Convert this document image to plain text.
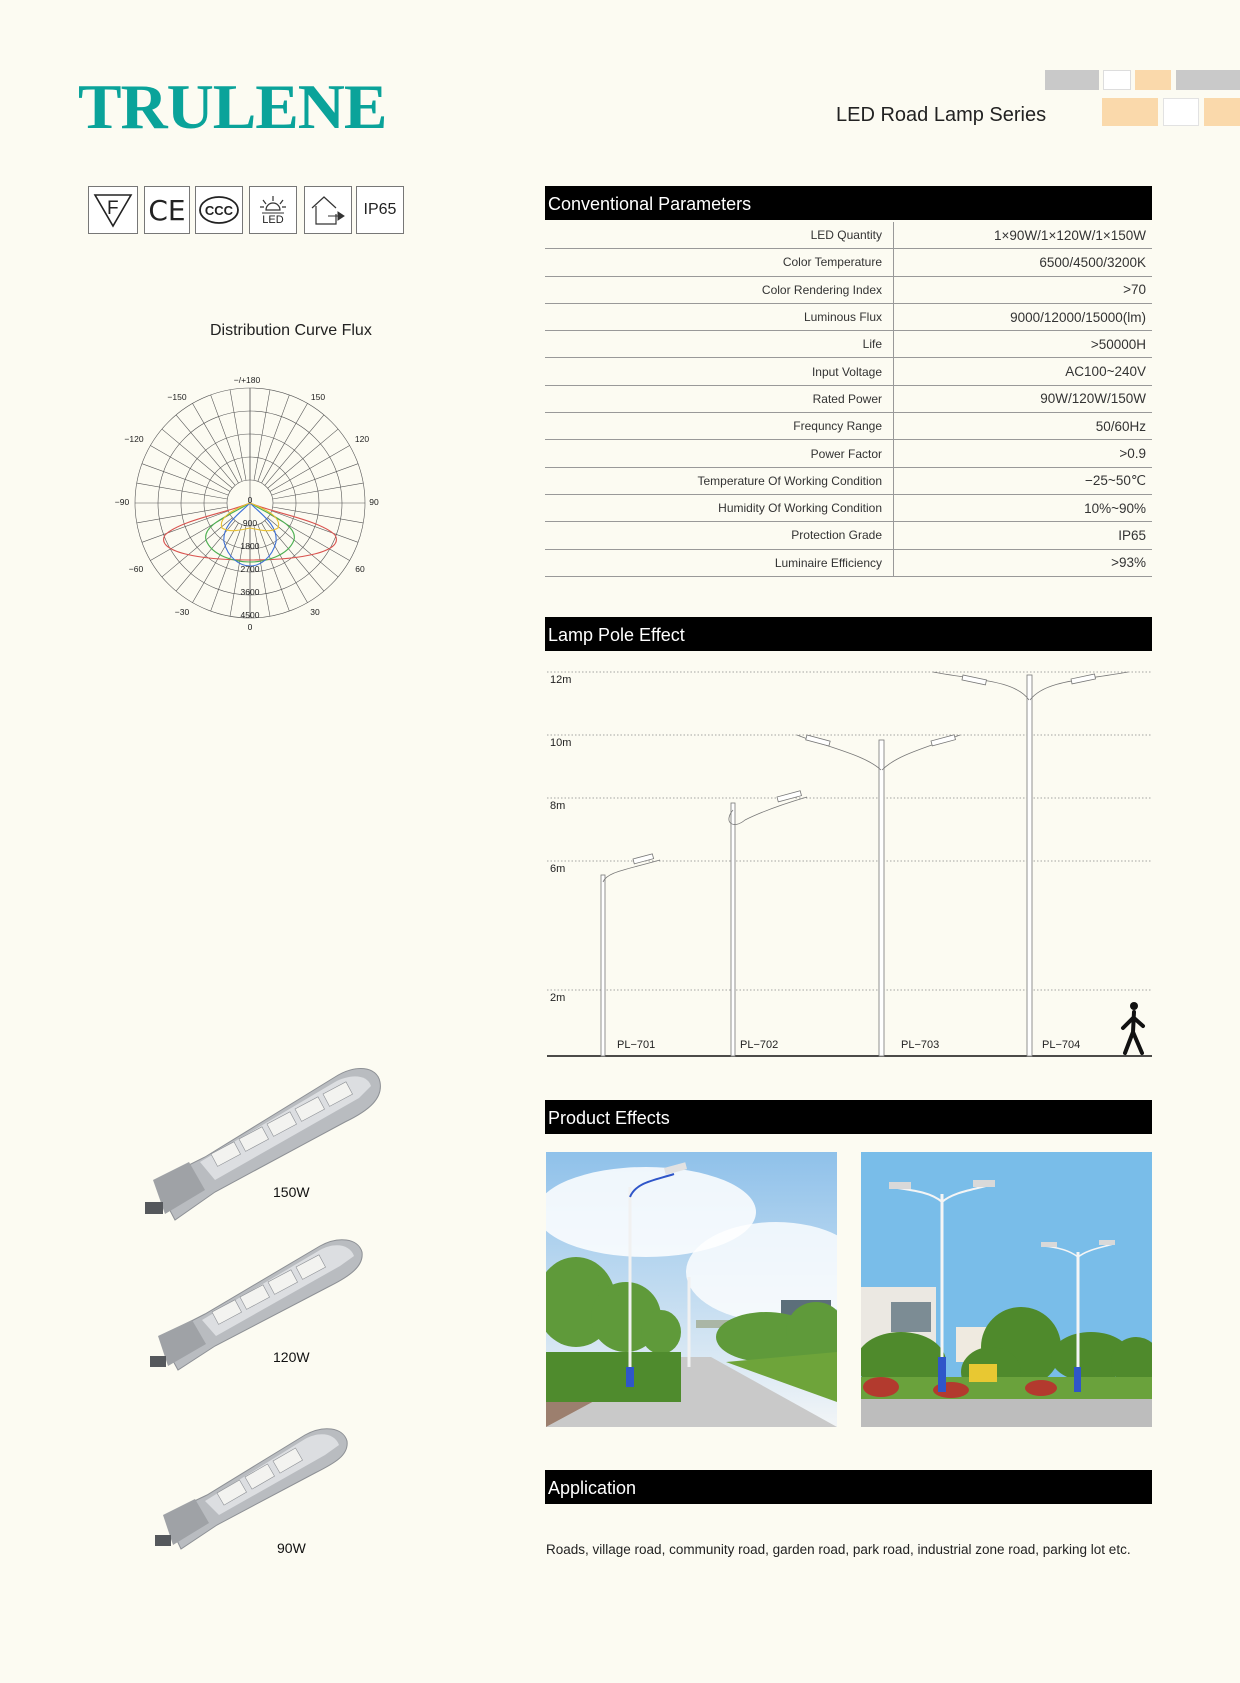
TRULENE	LED Road Lamp Series
F CE	CCC
LED
IP65
Distribution Curve Flux
−/+180
−150	150
−120	120
−90	90
−60	60
−30	30
0
0
900
1800
2700
3600
4500
150W
120W
90W
Conventional Parameters
LED Quantity	1×90W/1×120W/1×150W
Color Temperature	6500/4500/3200K
Color Rendering Index	>70
Luminous Flux	9000/12000/15000(lm)
Life	>50000H
Input Voltage	AC100~240V
Rated Power	90W/120W/150W
Frequncy Range	50/60Hz
Power Factor	>0.9
Temperature Of Working Condition	−25~50℃
Humidity Of Working Condition	10%~90%
Protection Grade	IP65
Luminaire Efficiency	>93%
Lamp Pole Effect
12m
10m
8m
6m
2m
PL−701	PL−702	PL−703	PL−704
Product Effects
Application
Roads, village road, community road, garden road, park road, industrial zone road, parking lot etc.
